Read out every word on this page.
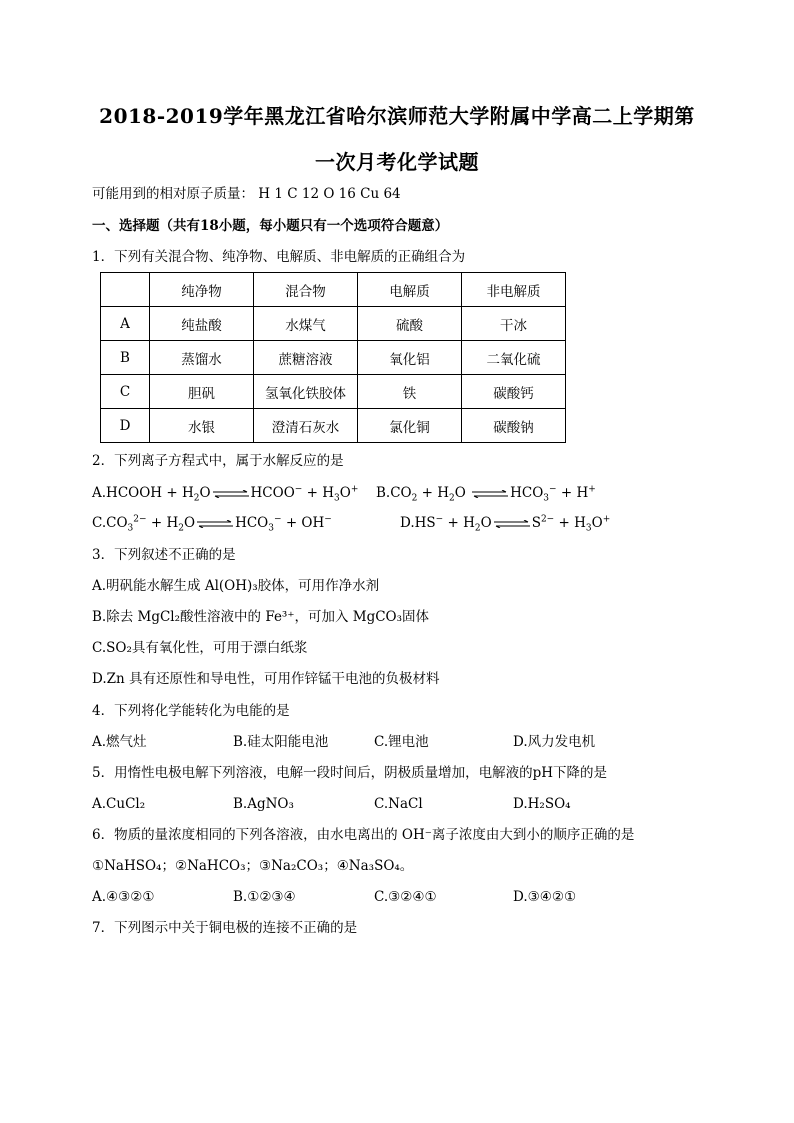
2018-2019学年黑龙江省哈尔滨师范大学附属中学高二上学期第
一次月考化学试题
可能用到的相对原子质量： H 1 C 12 O 16 Cu 64
一、选择题（共有18小题，每小题只有一个选项符合题意）
1．下列有关混合物、纯净物、电解质、非电解质的正确组合为
	纯净物	混合物	电解质	非电解质
A	纯盐酸	水煤气	硫酸	干冰
B	蒸馏水	蔗糖溶液	氧化铝	二氧化硫
C	胆矾	氢氧化铁胶体	铁	碳酸钙
D	水银	澄清石灰水	氯化铜	碳酸钠
2．下列离子方程式中，属于水解反应的是
A.HCOOH + $H_2O$ ⇌ HCOO− + $H_3O^+$ $B.CO_2 + H_2O$ ⇌ $HCO_3^- + H^+$
$C.CO_3^{2-} + H_2O$ ⇌ $HCO_3^- + OH^-$	$D.HS^- + H_2O$ ⇌ $S^{2-} + H_3O^+$
3．下列叙述不正确的是
A.明矾能水解生成 Al(OH)₃胶体，可用作净水剂
B.除去 MgCl₂酸性溶液中的 Fe³⁺，可加入 MgCO₃固体
C.SO₂具有氧化性，可用于漂白纸浆
D.Zn 具有还原性和导电性，可用作锌锰干电池的负极材料
4．下列将化学能转化为电能的是
A.燃气灶	B.硅太阳能电池	C.锂电池	D.风力发电机
5．用惰性电极电解下列溶液，电解一段时间后，阴极质量增加，电解液的pH下降的是
A.CuCl₂	B.AgNO₃	C.NaCl	D.H₂SO₄
6．物质的量浓度相同的下列各溶液，由水电离出的 OH⁻离子浓度由大到小的顺序正确的是
①NaHSO₄；②NaHCO₃；③Na₂CO₃；④Na₃SO₄。
A.④③②①	B.①②③④	C.③②④①	D.③④②①
7．下列图示中关于铜电极的连接不正确的是
